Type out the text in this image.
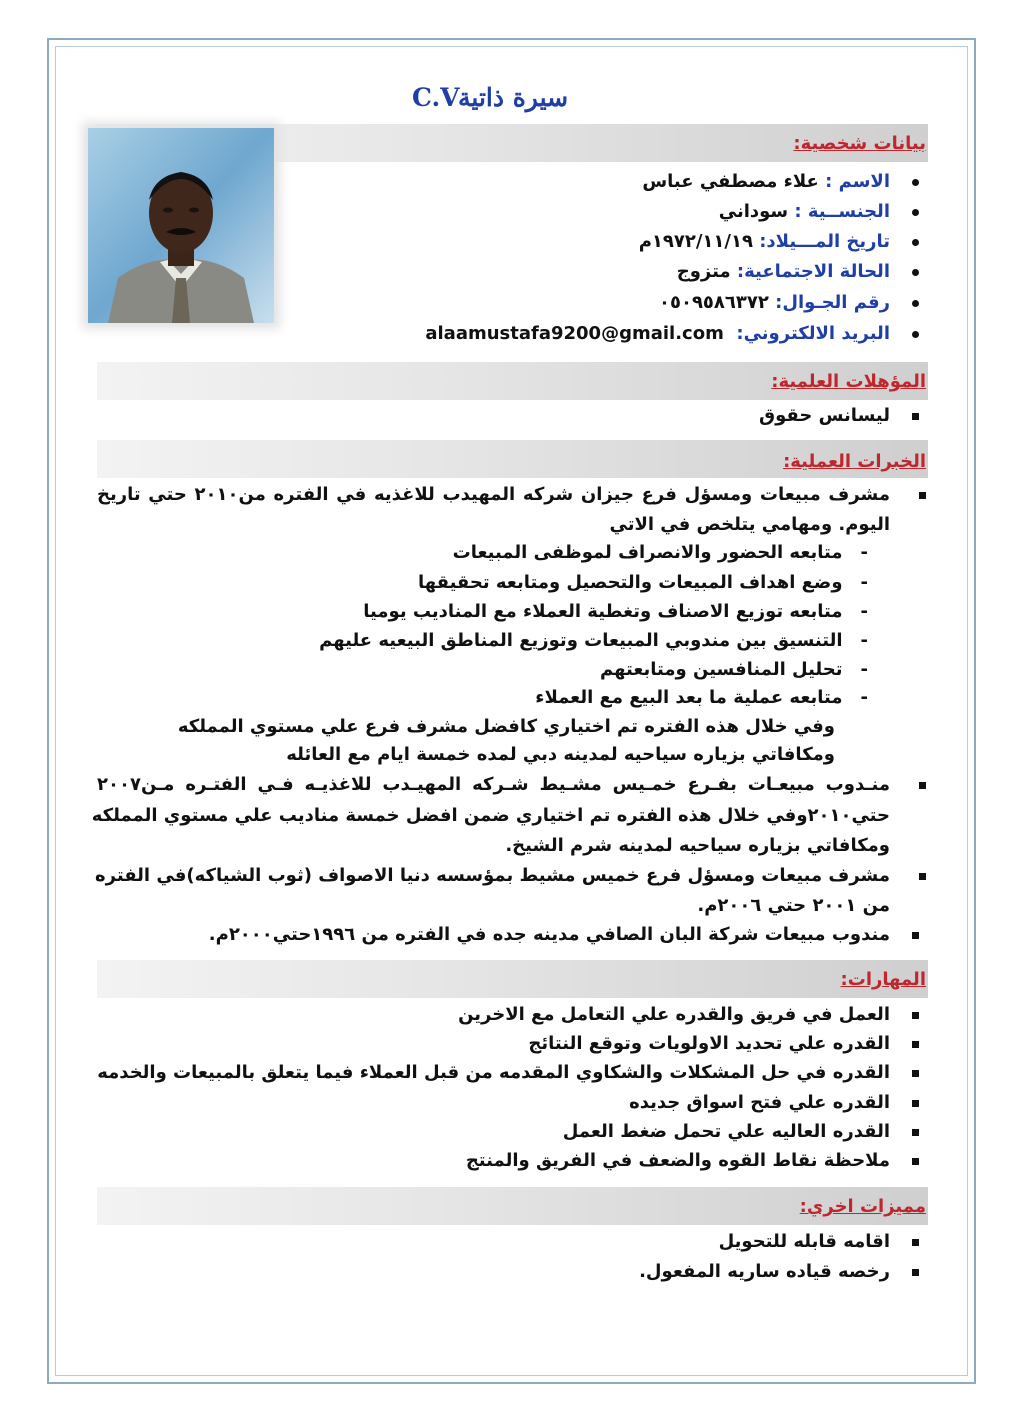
C.V
سيرة ذاتية
بيانات شخصية:
المؤهلات العلمية:
الخبرات العملية:
المهارات:
مميزات اخري:
الاسم : علاء مصطفي عباس
الجنســية : سوداني
تاريخ المـــيلاد: ١٩٧٢/١١/١٩م
الحالة الاجتماعية: متزوج
رقم الجـوال: ٠٥٠٩٥٨٦٣٧٢
البريد الالكتروني:  alaamustafa9200@gmail.com
ليسانس حقوق
مشرف مبيعات ومسؤل فرع جيزان شركه المهيدب للاغذيه في الفتره من٢٠١٠ حتي تاريخ
اليوم. ومهامي يتلخص في الاتي
-متابعه الحضور والانصراف لموظفى المبيعات
-وضع اهداف المبيعات والتحصيل ومتابعه تحقيقها
-متابعه توزيع الاصناف وتغطية العملاء مع المناديب يوميا
-التنسيق بين مندوبي المبيعات وتوزيع المناطق البيعيه عليهم
-تحليل المنافسين ومتابعتهم
-متابعه عملية ما بعد البيع مع العملاء
وفي خلال هذه الفتره تم اختياري كافضل مشرف فرع علي مستوي المملكه
ومكافاتي بزياره سياحيه لمدينه دبي لمده خمسة ايام مع العائله
منـدوب مبيعـات بفـرع خمـيس مشـيط شـركه المهيـدب للاغذيـه فـي الفتـره مـن٢٠٠٧
حتي٢٠١٠وفي خلال هذه الفتره تم اختياري ضمن افضل خمسة مناديب علي مستوي المملكه
ومكافاتي بزياره سياحيه لمدينه شرم الشيخ.
مشرف مبيعات ومسؤل فرع خميس مشيط بمؤسسه دنيا الاصواف (ثوب الشياكه)في الفتره
من ٢٠٠١ حتي ٢٠٠٦م.
مندوب مبيعات شركة البان الصافي مدينه جده في الفتره من ١٩٩٦حتي٢٠٠٠م.
العمل في فريق والقدره علي التعامل مع الاخرين
القدره علي تحديد الاولويات وتوقع النتائج
القدره في حل المشكلات والشكاوي المقدمه من قبل العملاء فيما يتعلق بالمبيعات والخدمه
القدره علي فتح اسواق جديده
القدره العاليه علي تحمل ضغط العمل
ملاحظة نقاط القوه والضعف في الفريق والمنتج
اقامه قابله للتحويل
رخصه قياده ساريه المفعول.
